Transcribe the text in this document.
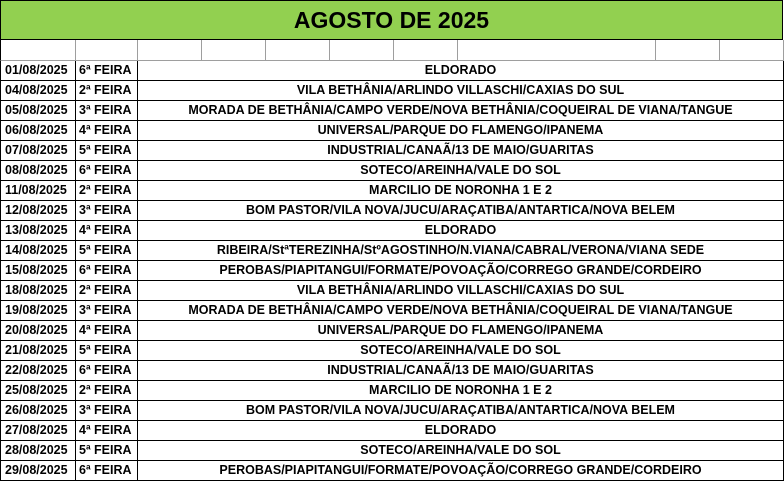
AGOSTO DE 2025
01/08/2025 6ª FEIRA	ELDORADO
04/08/2025 2ª FEIRA	VILA BETHÂNIA/ARLINDO VILLASCHI/CAXIAS DO SUL
05/08/2025 3ª FEIRA	MORADA DE BETHÂNIA/CAMPO VERDE/NOVA BETHÂNIA/COQUEIRAL DE VIANA/TANGUE
06/08/2025 4ª FEIRA	UNIVERSAL/PARQUE DO FLAMENGO/IPANEMA
07/08/2025 5ª FEIRA	INDUSTRIAL/CANAÃ/13 DE MAIO/GUARITAS
08/08/2025 6ª FEIRA	SOTECO/AREINHA/VALE DO SOL
11/08/2025 2ª FEIRA	MARCILIO DE NORONHA 1 E 2
12/08/2025 3ª FEIRA	BOM PASTOR/VILA NOVA/JUCU/ARAÇATIBA/ANTARTICA/NOVA BELEM
13/08/2025 4ª FEIRA	ELDORADO
14/08/2025 5ª FEIRA	RIBEIRA/StªTEREZINHA/StºAGOSTINHO/N.VIANA/CABRAL/VERONA/VIANA SEDE
15/08/2025 6ª FEIRA	PEROBAS/PIAPITANGUI/FORMATE/POVOAÇÃO/CORREGO GRANDE/CORDEIRO
18/08/2025 2ª FEIRA	VILA BETHÂNIA/ARLINDO VILLASCHI/CAXIAS DO SUL
19/08/2025 3ª FEIRA	MORADA DE BETHÂNIA/CAMPO VERDE/NOVA BETHÂNIA/COQUEIRAL DE VIANA/TANGUE
20/08/2025 4ª FEIRA	UNIVERSAL/PARQUE DO FLAMENGO/IPANEMA
21/08/2025 5ª FEIRA	SOTECO/AREINHA/VALE DO SOL
22/08/2025 6ª FEIRA	INDUSTRIAL/CANAÃ/13 DE MAIO/GUARITAS
25/08/2025 2ª FEIRA	MARCILIO DE NORONHA 1 E 2
26/08/2025 3ª FEIRA	BOM PASTOR/VILA NOVA/JUCU/ARAÇATIBA/ANTARTICA/NOVA BELEM
27/08/2025 4ª FEIRA	ELDORADO
28/08/2025 5ª FEIRA	SOTECO/AREINHA/VALE DO SOL
29/08/2025 6ª FEIRA	PEROBAS/PIAPITANGUI/FORMATE/POVOAÇÃO/CORREGO GRANDE/CORDEIRO
